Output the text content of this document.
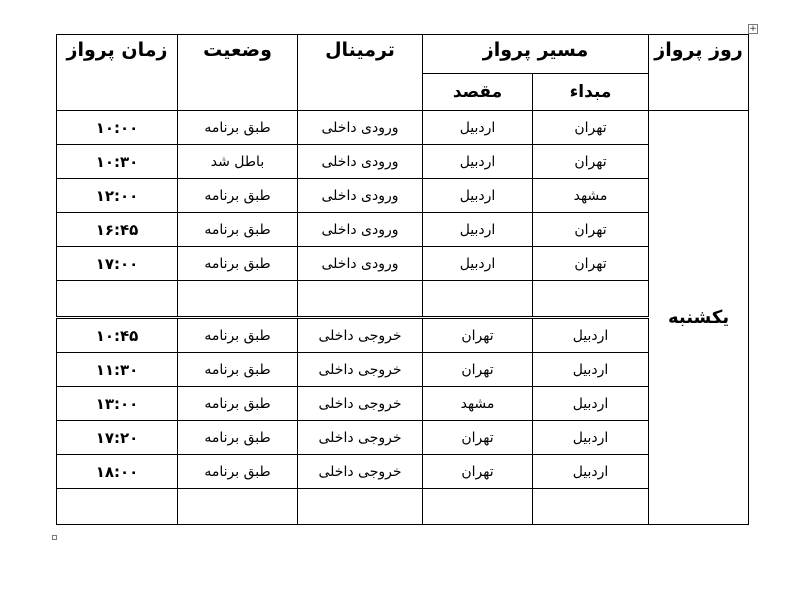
+
روز پرواز	مسیر پرواز		ترمینال	وضعیت	زمان پرواز
	مبداء	مقصد			
یکشنبه	تهران	اردبیل	ورودی داخلی	طبق برنامه	۱۰:۰۰
	تهران	اردبیل	ورودی داخلی	باطل شد	۱۰:۳۰
	مشهد	اردبیل	ورودی داخلی	طبق برنامه	۱۲:۰۰
	تهران	اردبیل	ورودی داخلی	طبق برنامه	۱۶:۴۵
	تهران	اردبیل	ورودی داخلی	طبق برنامه	۱۷:۰۰

	اردبیل	تهران	خروجی داخلی	طبق برنامه	۱۰:۴۵
	اردبیل	تهران	خروجی داخلی	طبق برنامه	۱۱:۳۰
	اردبیل	مشهد	خروجی داخلی	طبق برنامه	۱۳:۰۰
	اردبیل	تهران	خروجی داخلی	طبق برنامه	۱۷:۲۰
	اردبیل	تهران	خروجی داخلی	طبق برنامه	۱۸:۰۰
